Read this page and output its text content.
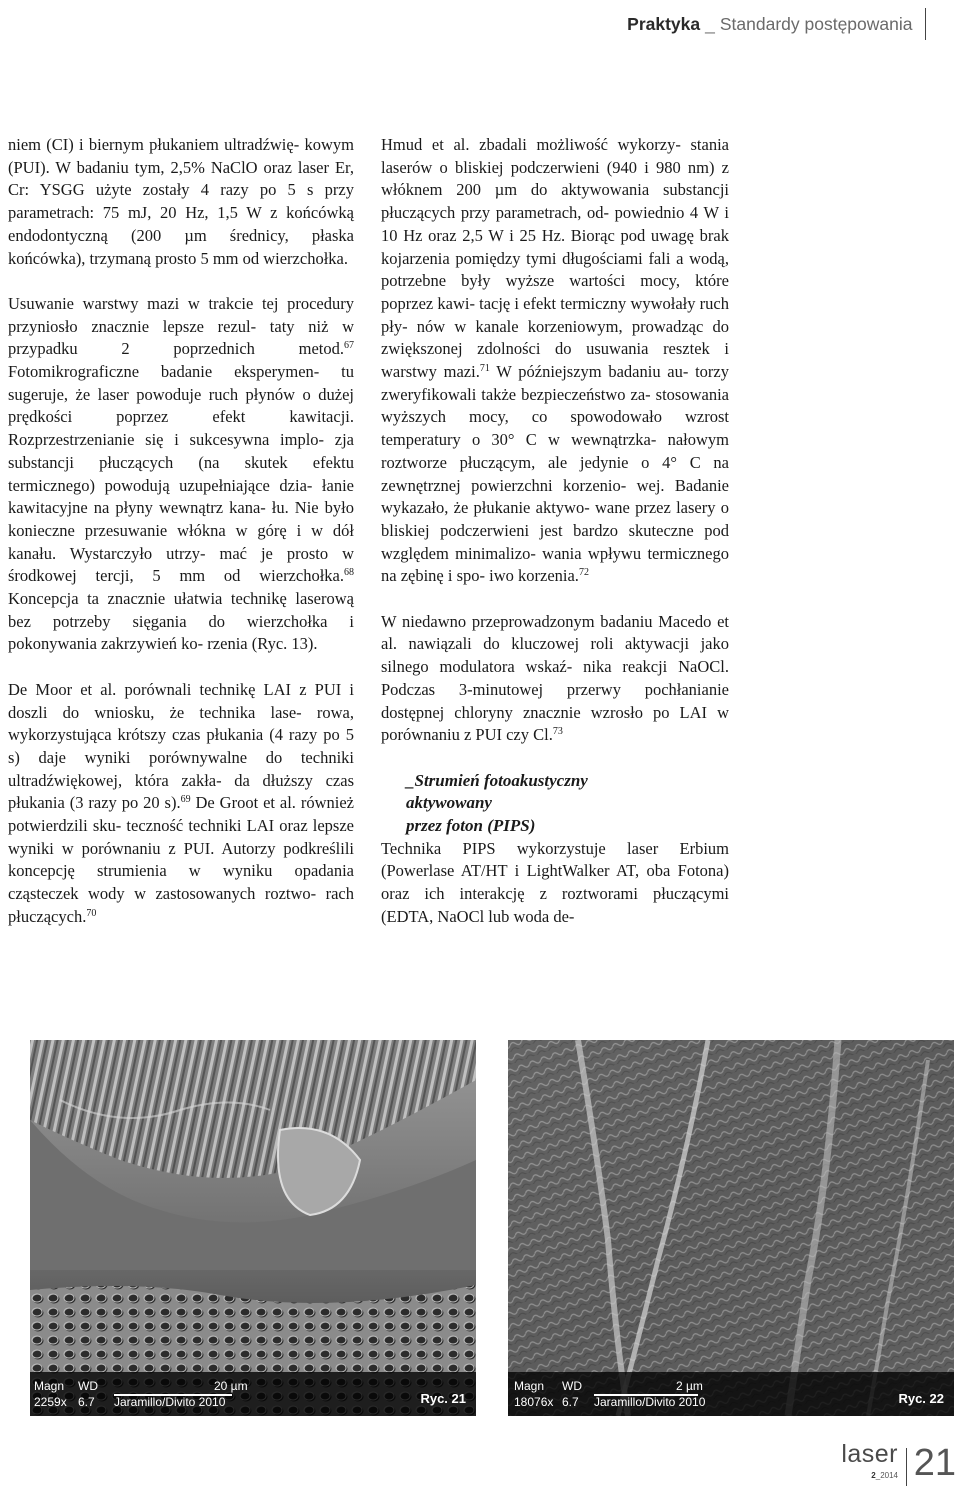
Praktyka _ Standardy postępowania

niem (CI) i biernym płukaniem ultradźwię- kowym (PUI). W badaniu tym, 2,5% NaClO oraz laser Er, Cr: YSGG użyte zostały 4 razy po 5 s przy parametrach: 75 mJ, 20 Hz, 1,5 W z końcówką endodontyczną (200 µm średnicy, płaska końcówka), trzymaną prosto 5 mm od wierzchołka.

Usuwanie warstwy mazi w trakcie tej procedury przyniosło znacznie lepsze rezul- taty niż w przypadku 2 poprzednich metod.$^{67}$ Fotomikrograficzne badanie eksperymen- tu sugeruje, że laser powoduje ruch płynów o dużej prędkości poprzez efekt kawitacji. Rozprzestrzenianie się i sukcesywna implo- zja substancji płuczących (na skutek efektu termicznego) powodują uzupełniające dzia- łanie kawitacyjne na płyny wewnątrz kana- łu. Nie było konieczne przesuwanie włókna w górę i w dół kanału. Wystarczyło utrzy- mać je prosto w środkowej tercji, 5 mm od wierzchołka.$^{68}$ Koncepcja ta znacznie ułatwia technikę laserową bez potrzeby sięgania do wierzchołka i pokonywania zakrzywień ko- rzenia (Ryc. 13).

De Moor et al. porównali technikę LAI z PUI i doszli do wniosku, że technika lase- rowa, wykorzystująca krótszy czas płukania (4 razy po 5 s) daje wyniki porównywalne do techniki ultradźwiękowej, która zakła- da dłuższy czas płukania (3 razy po 20 s).$^{69}$ De Groot et al. również potwierdzili sku- teczność techniki LAI oraz lepsze wyniki w porównaniu z PUI. Autorzy podkreślili koncepcję strumienia w wyniku opadania cząsteczek wody w zastosowanych roztwo- rach płuczących.$^{70}$

Hmud et al. zbadali możliwość wykorzy- stania laserów o bliskiej podczerwieni (940 i 980 nm) z włóknem 200 µm do aktywowania substancji płuczących przy parametrach, od- powiednio 4 W i 10 Hz oraz 2,5 W i 25 Hz. Biorąc pod uwagę brak kojarzenia pomiędzy tymi długościami fali a wodą, potrzebne były wyższe wartości mocy, które poprzez kawi- tację i efekt termiczny wywołały ruch pły- nów w kanale korzeniowym, prowadząc do zwiększonej zdolności do usuwania resztek i warstwy mazi.$^{71}$ W późniejszym badaniu au- torzy zweryfikowali także bezpieczeństwo za- stosowania wyższych mocy, co spowodowało wzrost temperatury o 30° C w wewnątrzka- nałowym roztworze płuczącym, ale jedynie o 4° C na zewnętrznej powierzchni korzenio- wej. Badanie wykazało, że płukanie aktywo- wane przez lasery o bliskiej podczerwieni jest bardzo skuteczne pod względem minimalizo- wania wpływu termicznego na zębinę i spo- iwo korzenia.$^{72}$

W niedawno przeprowadzonym badaniu Macedo et al. nawiązali do kluczowej roli aktywacji jako silnego modulatora wskaź- nika reakcji NaOCl. Podczas 3-minutowej przerwy pochłanianie dostępnej chloryny znacznie wzrosło po LAI w porównaniu z PUI czy Cl.$^{73}$

_Strumień fotoakustyczny
aktywowany
przez foton (PIPS)

Technika PIPS wykorzystuje laser Erbium (Powerlase AT/HT i LightWalker AT, oba Fotona) oraz ich interakcję z roztworami płuczącymi (EDTA, NaOCl lub woda de-

Magn
2259x
WD
6.7
20 µm
Jaramillo/Divito 2010	Ryc. 21
Magn
18076x
WD
6.7
2 µm
Jaramillo/Divito 2010	Ryc. 22
laser
2_2014 21
